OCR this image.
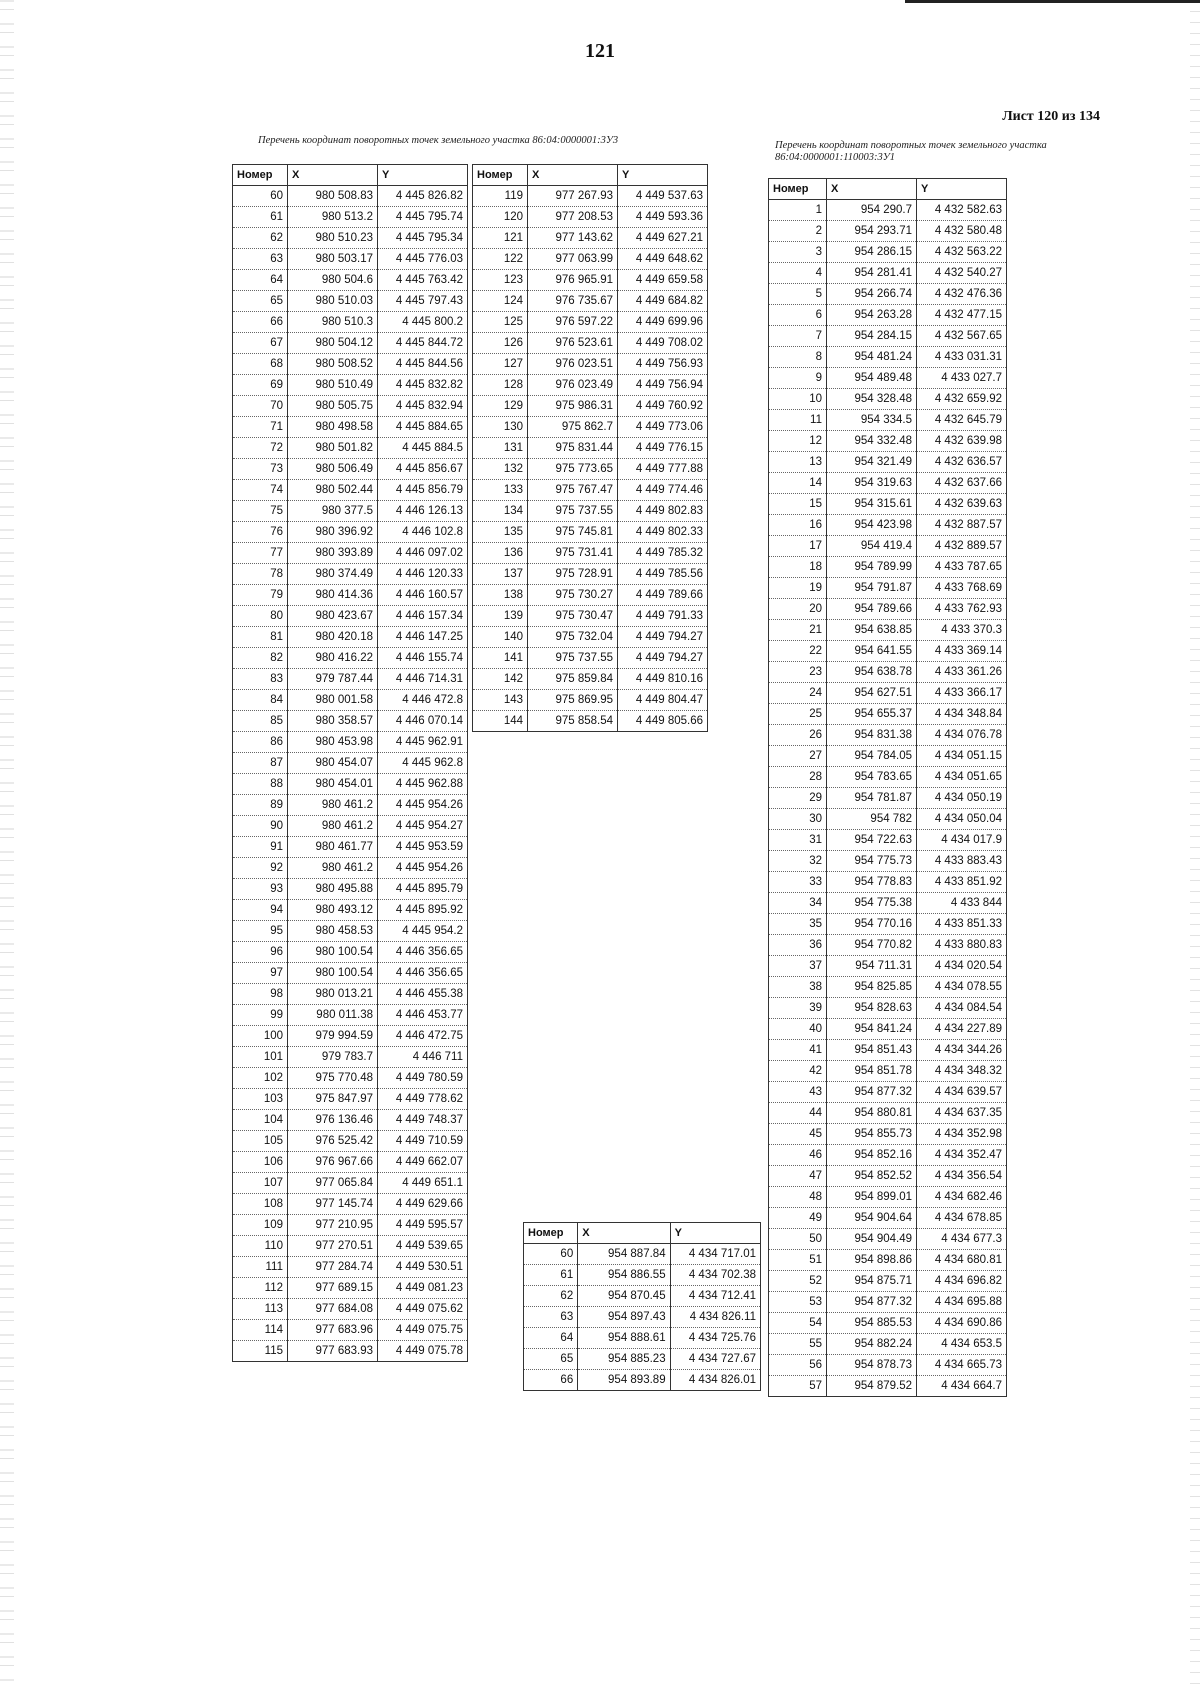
121
Лист 120 из 134
Перечень координат поворотных точек земельного участка 86:04:0000001:3У3	Перечень координат поворотных точек земельного участка 86:04:0000001:110003:3У1
Номер	X	Y
60	980 508.83	4 445 826.82
61	980 513.2	4 445 795.74
62	980 510.23	4 445 795.34
63	980 503.17	4 445 776.03
64	980 504.6	4 445 763.42
65	980 510.03	4 445 797.43
66	980 510.3	4 445 800.2
67	980 504.12	4 445 844.72
68	980 508.52	4 445 844.56
69	980 510.49	4 445 832.82
70	980 505.75	4 445 832.94
71	980 498.58	4 445 884.65
72	980 501.82	4 445 884.5
73	980 506.49	4 445 856.67
74	980 502.44	4 445 856.79
75	980 377.5	4 446 126.13
76	980 396.92	4 446 102.8
77	980 393.89	4 446 097.02
78	980 374.49	4 446 120.33
79	980 414.36	4 446 160.57
80	980 423.67	4 446 157.34
81	980 420.18	4 446 147.25
82	980 416.22	4 446 155.74
83	979 787.44	4 446 714.31
84	980 001.58	4 446 472.8
85	980 358.57	4 446 070.14
86	980 453.98	4 445 962.91
87	980 454.07	4 445 962.8
88	980 454.01	4 445 962.88
89	980 461.2	4 445 954.26
90	980 461.2	4 445 954.27
91	980 461.77	4 445 953.59
92	980 461.2	4 445 954.26
93	980 495.88	4 445 895.79
94	980 493.12	4 445 895.92
95	980 458.53	4 445 954.2
96	980 100.54	4 446 356.65
97	980 100.54	4 446 356.65
98	980 013.21	4 446 455.38
99	980 011.38	4 446 453.77
100	979 994.59	4 446 472.75
101	979 783.7	4 446 711
102	975 770.48	4 449 780.59
103	975 847.97	4 449 778.62
104	976 136.46	4 449 748.37
105	976 525.42	4 449 710.59
106	976 967.66	4 449 662.07
107	977 065.84	4 449 651.1
108	977 145.74	4 449 629.66
109	977 210.95	4 449 595.57
110	977 270.51	4 449 539.65
111	977 284.74	4 449 530.51
112	977 689.15	4 449 081.23
113	977 684.08	4 449 075.62
114	977 683.96	4 449 075.75
115	977 683.93	4 449 075.78
Номер	X	Y
119	977 267.93	4 449 537.63
120	977 208.53	4 449 593.36
121	977 143.62	4 449 627.21
122	977 063.99	4 449 648.62
123	976 965.91	4 449 659.58
124	976 735.67	4 449 684.82
125	976 597.22	4 449 699.96
126	976 523.61	4 449 708.02
127	976 023.51	4 449 756.93
128	976 023.49	4 449 756.94
129	975 986.31	4 449 760.92
130	975 862.7	4 449 773.06
131	975 831.44	4 449 776.15
132	975 773.65	4 449 777.88
133	975 767.47	4 449 774.46
134	975 737.55	4 449 802.83
135	975 745.81	4 449 802.33
136	975 731.41	4 449 785.32
137	975 728.91	4 449 785.56
138	975 730.27	4 449 789.66
139	975 730.47	4 449 791.33
140	975 732.04	4 449 794.27
141	975 737.55	4 449 794.27
142	975 859.84	4 449 810.16
143	975 869.95	4 449 804.47
144	975 858.54	4 449 805.66
Номер	X	Y
60	954 887.84	4 434 717.01
61	954 886.55	4 434 702.38
62	954 870.45	4 434 712.41
63	954 897.43	4 434 826.11
64	954 888.61	4 434 725.76
65	954 885.23	4 434 727.67
66	954 893.89	4 434 826.01
Номер	X	Y
1	954 290.7	4 432 582.63
2	954 293.71	4 432 580.48
3	954 286.15	4 432 563.22
4	954 281.41	4 432 540.27
5	954 266.74	4 432 476.36
6	954 263.28	4 432 477.15
7	954 284.15	4 432 567.65
8	954 481.24	4 433 031.31
9	954 489.48	4 433 027.7
10	954 328.48	4 432 659.92
11	954 334.5	4 432 645.79
12	954 332.48	4 432 639.98
13	954 321.49	4 432 636.57
14	954 319.63	4 432 637.66
15	954 315.61	4 432 639.63
16	954 423.98	4 432 887.57
17	954 419.4	4 432 889.57
18	954 789.99	4 433 787.65
19	954 791.87	4 433 768.69
20	954 789.66	4 433 762.93
21	954 638.85	4 433 370.3
22	954 641.55	4 433 369.14
23	954 638.78	4 433 361.26
24	954 627.51	4 433 366.17
25	954 655.37	4 434 348.84
26	954 831.38	4 434 076.78
27	954 784.05	4 434 051.15
28	954 783.65	4 434 051.65
29	954 781.87	4 434 050.19
30	954 782	4 434 050.04
31	954 722.63	4 434 017.9
32	954 775.73	4 433 883.43
33	954 778.83	4 433 851.92
34	954 775.38	4 433 844
35	954 770.16	4 433 851.33
36	954 770.82	4 433 880.83
37	954 711.31	4 434 020.54
38	954 825.85	4 434 078.55
39	954 828.63	4 434 084.54
40	954 841.24	4 434 227.89
41	954 851.43	4 434 344.26
42	954 851.78	4 434 348.32
43	954 877.32	4 434 639.57
44	954 880.81	4 434 637.35
45	954 855.73	4 434 352.98
46	954 852.16	4 434 352.47
47	954 852.52	4 434 356.54
48	954 899.01	4 434 682.46
49	954 904.64	4 434 678.85
50	954 904.49	4 434 677.3
51	954 898.86	4 434 680.81
52	954 875.71	4 434 696.82
53	954 877.32	4 434 695.88
54	954 885.53	4 434 690.86
55	954 882.24	4 434 653.5
56	954 878.73	4 434 665.73
57	954 879.52	4 434 664.7
